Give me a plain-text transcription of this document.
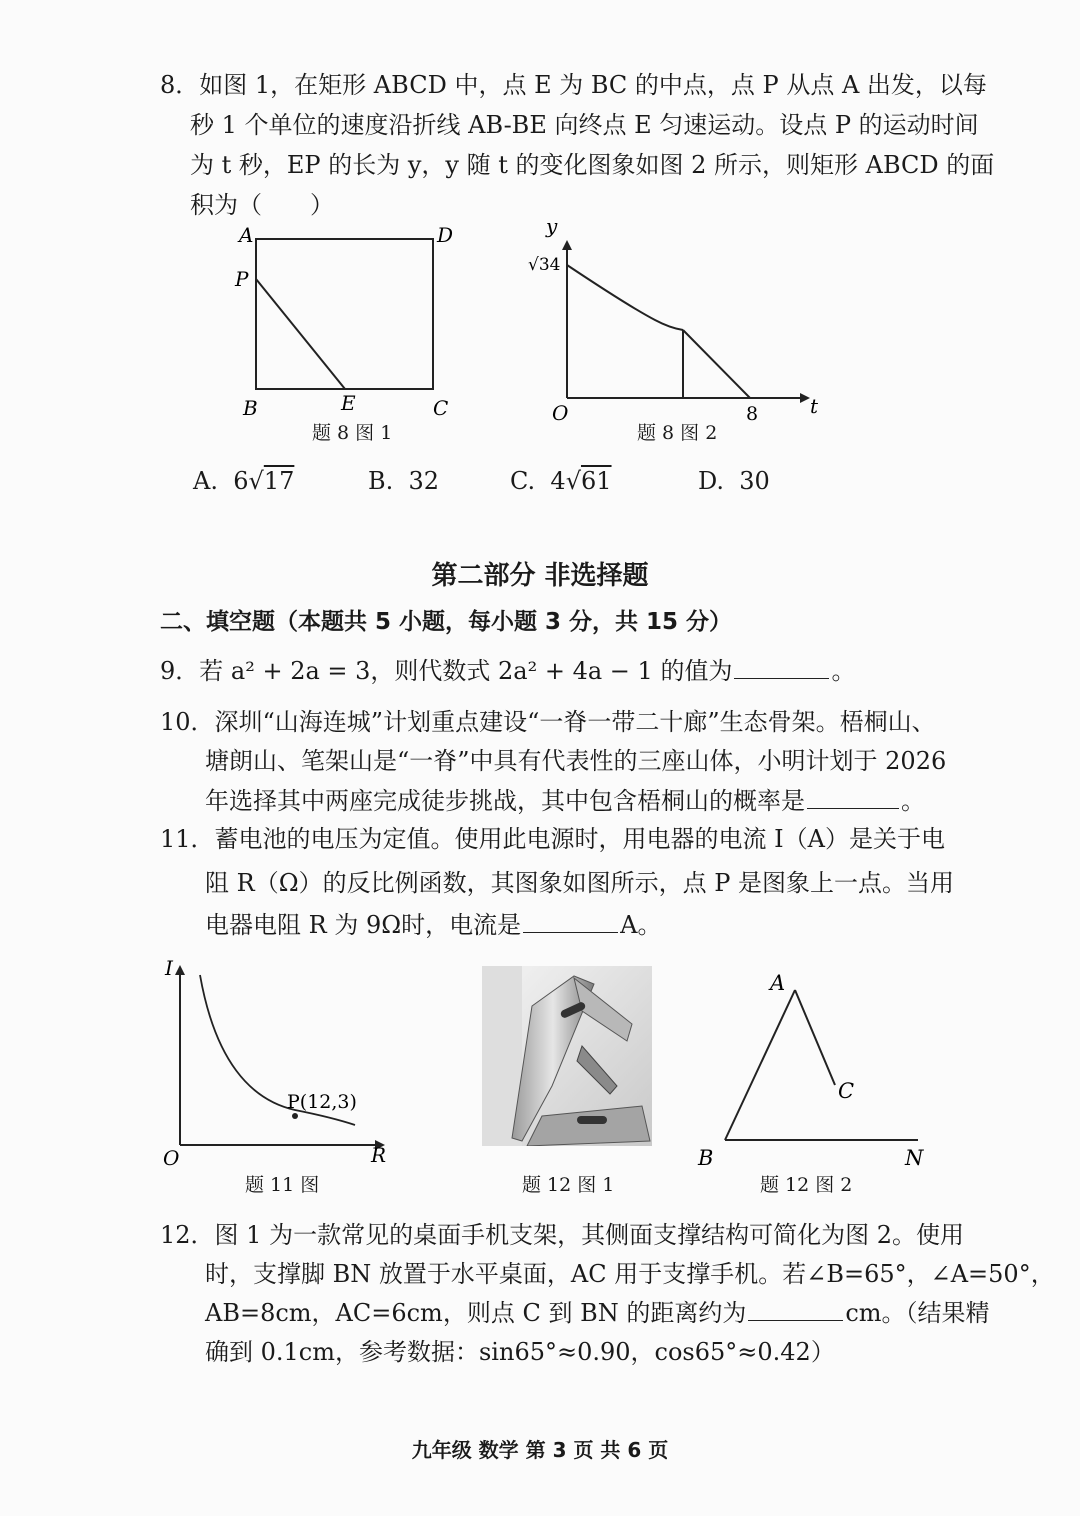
8．如图 1，在矩形 ABCD 中，点 E 为 BC 的中点，点 P 从点 A 出发，以每
秒 1 个单位的速度沿折线 AB-BE 向终点 E 匀速运动。设点 P 的运动时间
为 t 秒，EP 的长为 y，y 随 t 的变化图象如图 2 所示，则矩形 ABCD 的面
积为（　　）
A	D
P
B	E	C
题 8 图 1
y
√34
O	8	t
题 8 图 2
A. 6√17	B. 32	C. 4√61	D. 30
第二部分 非选择题
二、填空题（本题共 5 小题，每小题 3 分，共 15 分）
9．若 a² + 2a = 3，则代数式 2a² + 4a − 1 的值为	。
10．深圳“山海连城”计划重点建设“一脊一带二十廊”生态骨架。梧桐山、
塘朗山、笔架山是“一脊”中具有代表性的三座山体，小明计划于 2026
年选择其中两座完成徒步挑战，其中包含梧桐山的概率是	。
11．蓄电池的电压为定值。使用此电源时，用电器的电流 I（A）是关于电
阻 R（Ω）的反比例函数，其图象如图所示，点 P 是图象上一点。当用
电器电阻 R 为 9Ω时，电流是	A。
I
O	R
P(12,3)
题 11 图	题 12 图 1
A
C
B	N
题 12 图 2
12．图 1 为一款常见的桌面手机支架，其侧面支撑结构可简化为图 2。使用
时，支撑脚 BN 放置于水平桌面，AC 用于支撑手机。若∠B=65°，∠A=50°，
AB=8cm，AC=6cm，则点 C 到 BN 的距离约为	cm。（结果精
确到 0.1cm，参考数据：sin65°≈0.90，cos65°≈0.42）
九年级 数学 第 3 页 共 6 页
